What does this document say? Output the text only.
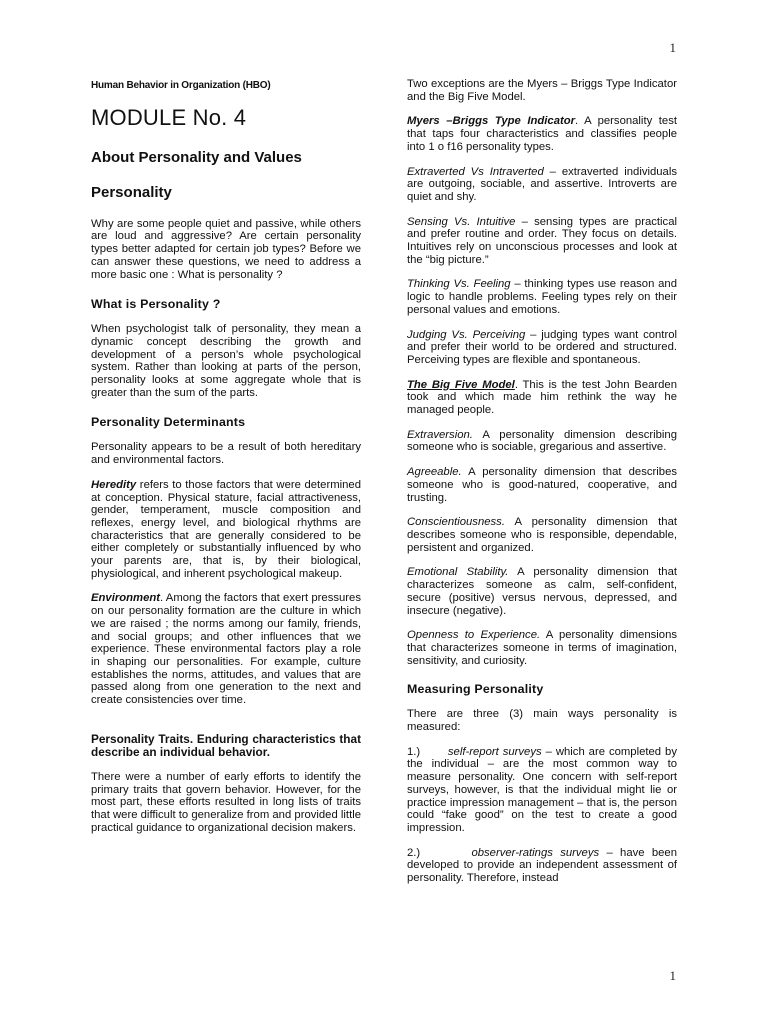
1

Human Behavior in Organization (HBO)

MODULE No. 4
About Personality and Values
Personality

Why are some people quiet and passive, while others are loud and aggressive? Are certain personality types better adapted for certain job types? Before we can answer these questions, we need to address a more basic one : What is personality ?

What is Personality ?

When psychologist talk of personality, they mean a dynamic concept describing the growth and development of a person’s whole psychological system. Rather than looking at parts of the person, personality looks at some aggregate whole that is greater than the sum of the parts.

Personality Determinants

Personality appears to be a result of both hereditary and environmental factors.

Heredity refers to those factors that were determined at conception. Physical stature, facial attractiveness, gender, temperament, muscle composition and reflexes, energy level, and biological rhythms are characteristics that are generally considered to be either completely or substantially influenced by who your parents are, that is, by their biological, physiological, and inherent psychological makeup.

Environment. Among the factors that exert pressures on our personality formation are the culture in which we are raised ; the norms among our family, friends, and social groups; and other influences that we experience. These environmental factors play a role in shaping our personalities. For example, culture establishes the norms, attitudes, and values that are passed along from one generation to the next and create consistencies over time.

Personality Traits. Enduring characteristics that describe an individual behavior.

There were a number of early efforts to identify the primary traits that govern behavior. However, for the most part, these efforts resulted in long lists of traits that were difficult to generalize from and provided little practical guidance to organizational decision makers.

Two exceptions are the Myers – Briggs Type Indicator and the Big Five Model.

Myers –Briggs Type Indicator. A personality test that taps four characteristics and classifies people into 1 o f16 personality types.

Extraverted Vs Intraverted – extraverted individuals are outgoing, sociable, and assertive. Introverts are quiet and shy.

Sensing Vs. Intuitive – sensing types are practical and prefer routine and order. They focus on details. Intuitives rely on unconscious processes and look at the “big picture.”

Thinking Vs. Feeling – thinking types use reason and logic to handle problems. Feeling types rely on their personal values and emotions.

Judging Vs. Perceiving – judging types want control and prefer their world to be ordered and structured. Perceiving types are flexible and spontaneous.

The Big Five Model. This is the test John Bearden took and which made him rethink the way he managed people.

Extraversion. A personality dimension describing someone who is sociable, gregarious and assertive.

Agreeable. A personality dimension that describes someone who is good-natured, cooperative, and trusting.

Conscientiousness. A personality dimension that describes someone who is responsible, dependable, persistent and organized.

Emotional Stability. A personality dimension that characterizes someone as calm, self-confident, secure (positive) versus nervous, depressed, and insecure (negative).

Openness to Experience. A personality dimensions that characterizes someone in terms of imagination, sensitivity, and curiosity.

Measuring Personality

There are three (3) main ways personality is measured:

1.) self-report surveys – which are completed by the individual – are the most common way to measure personality. One concern with self-report surveys, however, is that the individual might lie or practice impression management – that is, the person could “fake good” on the test to create a good impression.

2.)	observer-ratings surveys – have been developed to provide an independent assessment of personality. Therefore, instead

1
